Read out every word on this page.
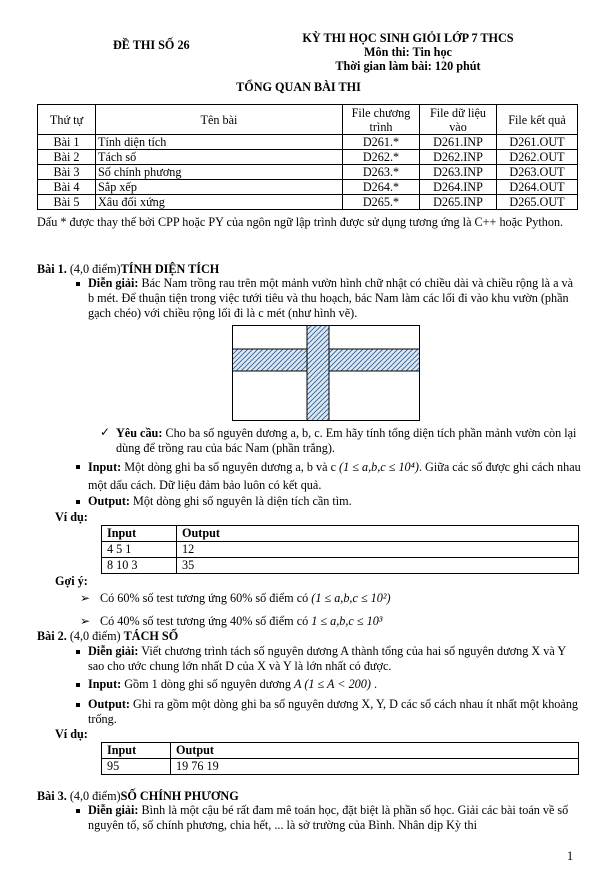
ĐỀ THI SỐ 26	KỲ THI HỌC SINH GIỎI LỚP 7 THCS
Môn thi: Tin học
Thời gian làm bài: 120 phút
TỔNG QUAN BÀI THI
Thứ tự	Tên bài	File chương trình	File dữ liệu vào	File kết quả
Bài 1	Tính diện tích	D261.*	D261.INP	D261.OUT
Bài 2	Tách số	D262.*	D262.INP	D262.OUT
Bài 3	Số chính phương	D263.*	D263.INP	D263.OUT
Bài 4	Sắp xếp	D264.*	D264.INP	D264.OUT
Bài 5	Xâu đối xứng	D265.*	D265.INP	D265.OUT
Dấu * được thay thế bởi CPP hoặc PY của ngôn ngữ lập trình được sử dụng tương ứng là C++ hoặc Python.
Bài 1. (4,0 điểm)TÍNH DIỆN TÍCH
Diễn giải: Bác Nam trồng rau trên một mảnh vườn hình chữ nhật có chiều dài và chiều rộng là a và b mét. Để thuận tiện trong việc tưới tiêu và thu hoạch, bác Nam làm các lối đi vào khu vườn (phần gạch chéo) với chiều rộng lối đi là c mét (như hình vẽ).
✓ Yêu cầu: Cho ba số nguyên dương a, b, c. Em hãy tính tổng diện tích phần mảnh vườn còn lại dùng để trồng rau của bác Nam (phần trắng).
Input: Một dòng ghi ba số nguyên dương a, b và c (1 ≤ a,b,c ≤ 10⁴). Giữa các số được ghi cách nhau một dấu cách. Dữ liệu đảm bảo luôn có kết quả.
Output: Một dòng ghi số nguyên là diện tích cần tìm.
Ví dụ:
Input	Output
4 5 1	12
8 10 3	35
Gợi ý:
➢ Có 60% số test tương ứng 60% số điểm có (1 ≤ a,b,c ≤ 10²)
➢ Có 40% số test tương ứng 40% số điểm có 1 ≤ a,b,c ≤ 10³
Bài 2. (4,0 điểm) TÁCH SỐ
Diễn giải: Viết chương trình tách số nguyên dương A thành tổng của hai số nguyên dương X và Y sao cho ước chung lớn nhất D của X và Y là lớn nhất có được.
Input: Gồm 1 dòng ghi số nguyên dương A (1 ≤ A < 200) .
Output: Ghi ra gồm một dòng ghi ba số nguyên dương X, Y, D các số cách nhau ít nhất một khoảng trống.
Ví dụ:
Input	Output
95	19 76 19
Bài 3. (4,0 điểm)SỐ CHÍNH PHƯƠNG
Diễn giải: Bình là một cậu bé rất đam mê toán học, đặt biệt là phần số học. Giải các bài toán về số nguyên tố, số chính phương, chia hết, ... là sở trường của Bình. Nhân dịp Kỳ thi
1
